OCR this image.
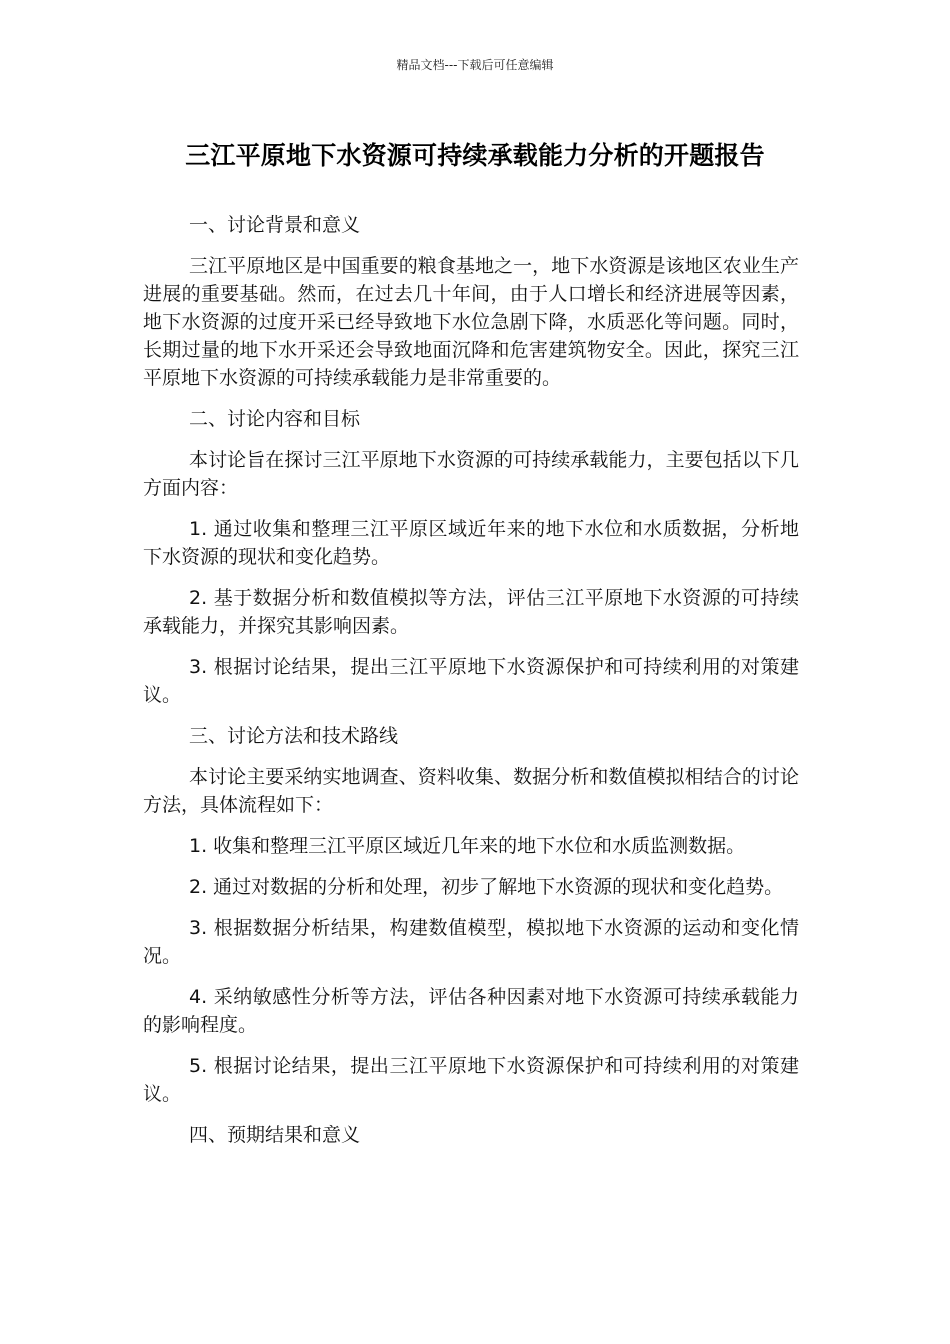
精品文档---下载后可任意编辑
三江平原地下水资源可持续承载能力分析的开题报告

一、讨论背景和意义

三江平原地区是中国重要的粮食基地之一，地下水资源是该地区农业生产进展的重要基础。然而，在过去几十年间，由于人口增长和经济进展等因素，地下水资源的过度开采已经导致地下水位急剧下降，水质恶化等问题。同时，长期过量的地下水开采还会导致地面沉降和危害建筑物安全。因此，探究三江平原地下水资源的可持续承载能力是非常重要的。

二、讨论内容和目标

本讨论旨在探讨三江平原地下水资源的可持续承载能力，主要包括以下几方面内容：

1. 通过收集和整理三江平原区域近年来的地下水位和水质数据，分析地下水资源的现状和变化趋势。

2. 基于数据分析和数值模拟等方法，评估三江平原地下水资源的可持续承载能力，并探究其影响因素。

3. 根据讨论结果，提出三江平原地下水资源保护和可持续利用的对策建议。

三、讨论方法和技术路线

本讨论主要采纳实地调查、资料收集、数据分析和数值模拟相结合的讨论方法，具体流程如下：

1. 收集和整理三江平原区域近几年来的地下水位和水质监测数据。

2. 通过对数据的分析和处理，初步了解地下水资源的现状和变化趋势。

3. 根据数据分析结果，构建数值模型，模拟地下水资源的运动和变化情况。

4. 采纳敏感性分析等方法，评估各种因素对地下水资源可持续承载能力的影响程度。

5. 根据讨论结果，提出三江平原地下水资源保护和可持续利用的对策建议。

四、预期结果和意义
